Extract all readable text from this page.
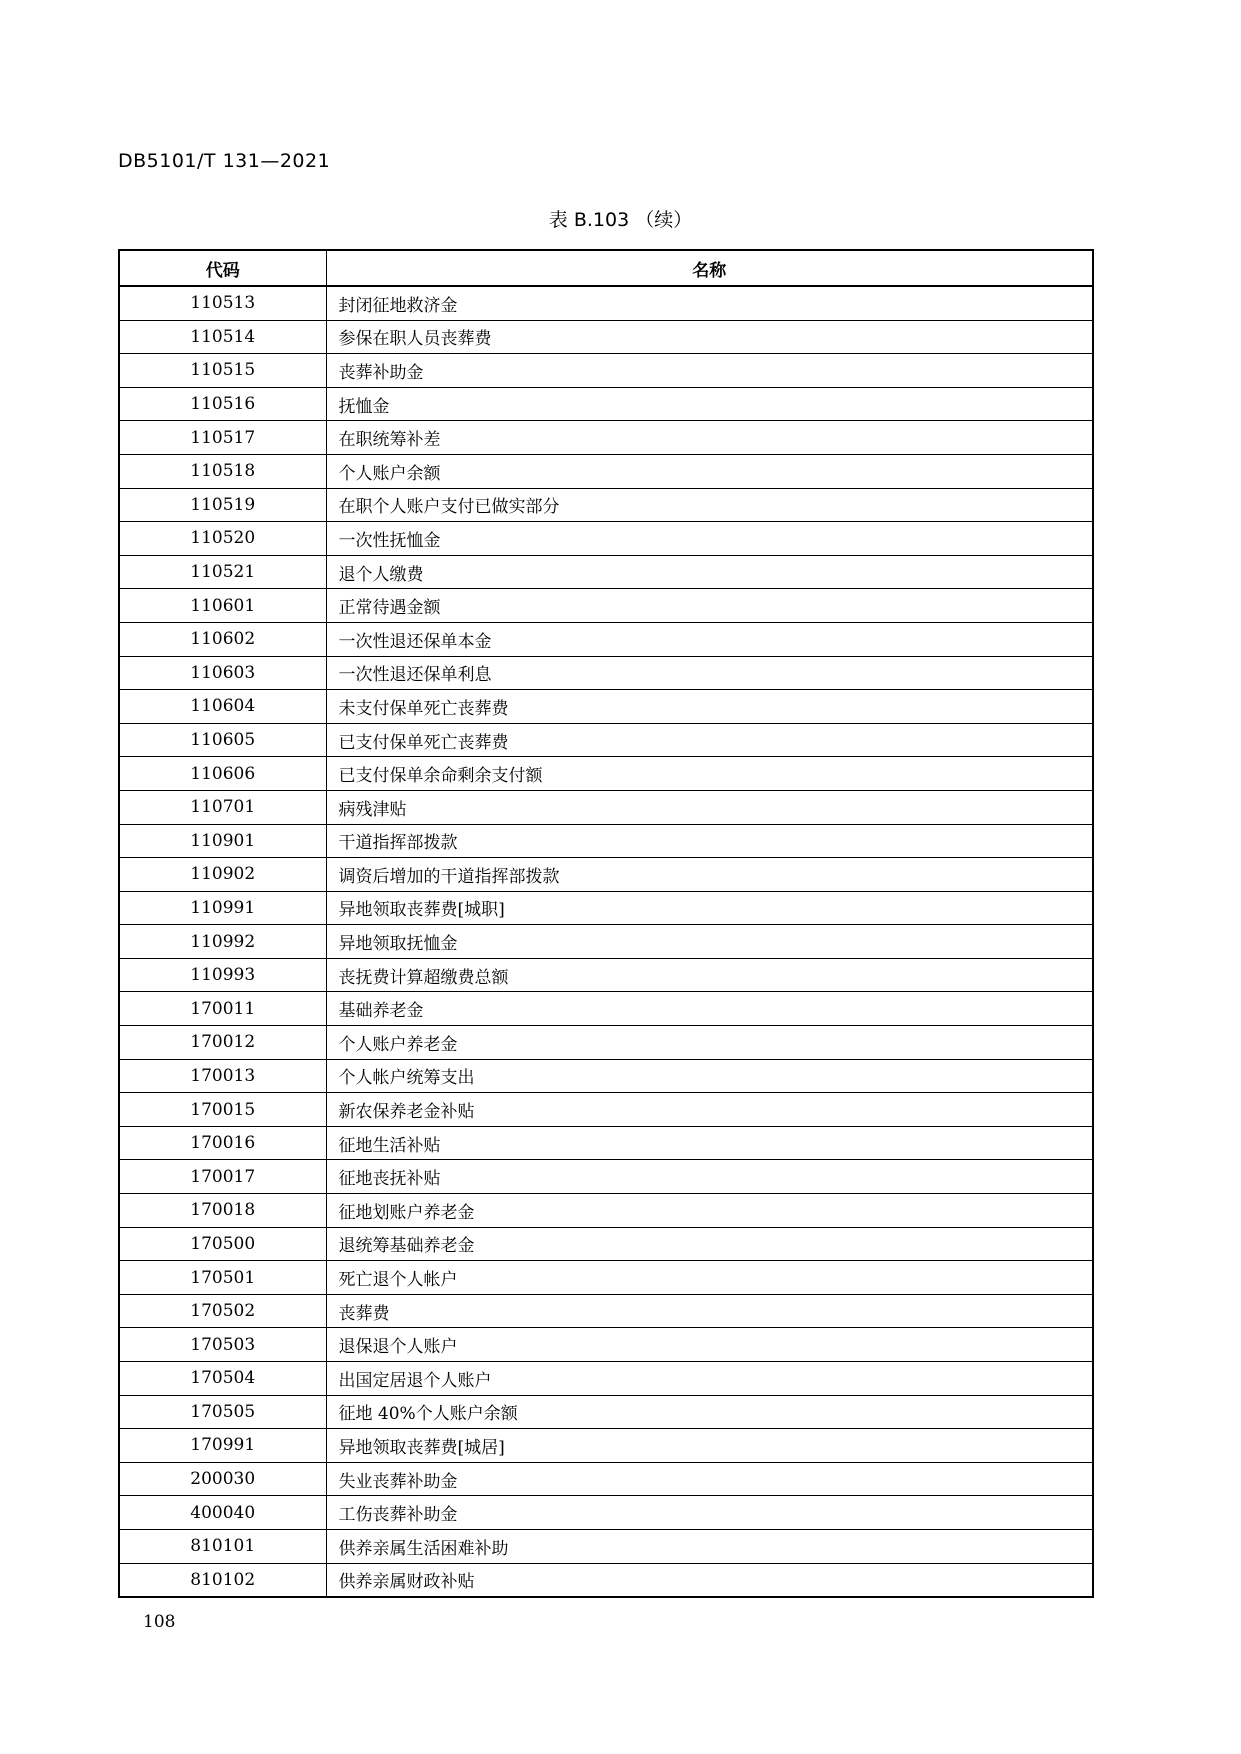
DB5101/T 131—2021
表 B.103 （续）
代码	名称
110513	封闭征地救济金
110514	参保在职人员丧葬费
110515	丧葬补助金
110516	抚恤金
110517	在职统筹补差
110518	个人账户余额
110519	在职个人账户支付已做实部分
110520	一次性抚恤金
110521	退个人缴费
110601	正常待遇金额
110602	一次性退还保单本金
110603	一次性退还保单利息
110604	未支付保单死亡丧葬费
110605	已支付保单死亡丧葬费
110606	已支付保单余命剩余支付额
110701	病残津贴
110901	干道指挥部拨款
110902	调资后增加的干道指挥部拨款
110991	异地领取丧葬费[城职]
110992	异地领取抚恤金
110993	丧抚费计算超缴费总额
170011	基础养老金
170012	个人账户养老金
170013	个人帐户统筹支出
170015	新农保养老金补贴
170016	征地生活补贴
170017	征地丧抚补贴
170018	征地划账户养老金
170500	退统筹基础养老金
170501	死亡退个人帐户
170502	丧葬费
170503	退保退个人账户
170504	出国定居退个人账户
170505	征地 40%个人账户余额
170991	异地领取丧葬费[城居]
200030	失业丧葬补助金
400040	工伤丧葬补助金
810101	供养亲属生活困难补助
810102	供养亲属财政补贴
108
